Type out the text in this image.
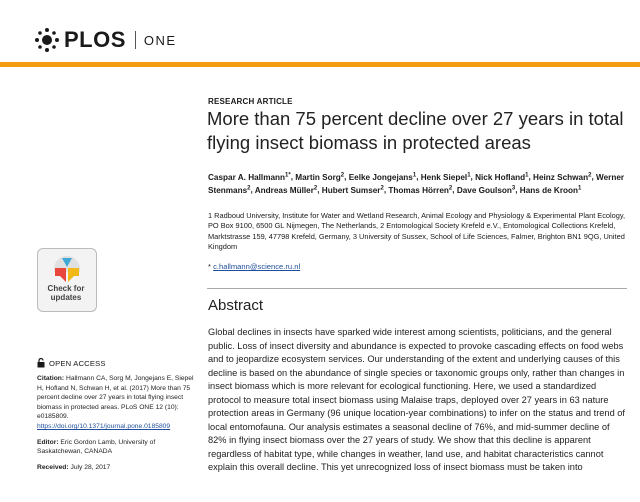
PLOS ONE
RESEARCH ARTICLE
More than 75 percent decline over 27 years in total flying insect biomass in protected areas
Caspar A. Hallmann$^{1*}$, Martin Sorg$^2$, Eelke Jongejans$^1$, Henk Siepel$^1$, Nick Hofland$^1$, Heinz Schwan$^2$, Werner Stenmans$^2$, Andreas Müller$^2$, Hubert Sumser$^2$, Thomas Hörren$^2$, Dave Goulson$^3$, Hans de Kroon$^1$
1 Radboud University, Institute for Water and Wetland Research, Animal Ecology and Physiology & Experimental Plant Ecology, PO Box 9100, 6500 GL Nijmegen, The Netherlands, 2 Entomological Society Krefeld e.V., Entomological Collections Krefeld, Marktstrasse 159, 47798 Krefeld, Germany, 3 University of Sussex, School of Life Sciences, Falmer, Brighton BN1 9QG, United Kingdom
* c.hallmann@science.ru.nl
Abstract
Global declines in insects have sparked wide interest among scientists, politicians, and the general public. Loss of insect diversity and abundance is expected to provoke cascading effects on food webs and to jeopardize ecosystem services. Our understanding of the extent and underlying causes of this decline is based on the abundance of single species or taxonomic groups only, rather than changes in insect biomass which is more relevant for ecological functioning. Here, we used a standardized protocol to measure total insect biomass using Malaise traps, deployed over 27 years in 63 nature protection areas in Germany (96 unique location-year combinations) to infer on the status and trend of local entomofauna. Our analysis estimates a seasonal decline of 76%, and mid-summer decline of 82% in flying insect biomass over the 27 years of study. We show that this decline is apparent regardless of habitat type, while changes in weather, land use, and habitat characteristics cannot explain this overall decline. This yet unrecognized loss of insect biomass must be taken into
Check for
updates
OPEN ACCESS
Citation: Hallmann CA, Sorg M, Jongejans E, Siepel H, Hofland N, Schwan H, et al. (2017) More than 75 percent decline over 27 years in total flying insect biomass in protected areas. PLoS ONE 12 (10): e0185809. https://doi.org/10.1371/journal.pone.0185809
Editor: Eric Gordon Lamb, University of Saskatchewan, CANADA
Received: July 28, 2017
